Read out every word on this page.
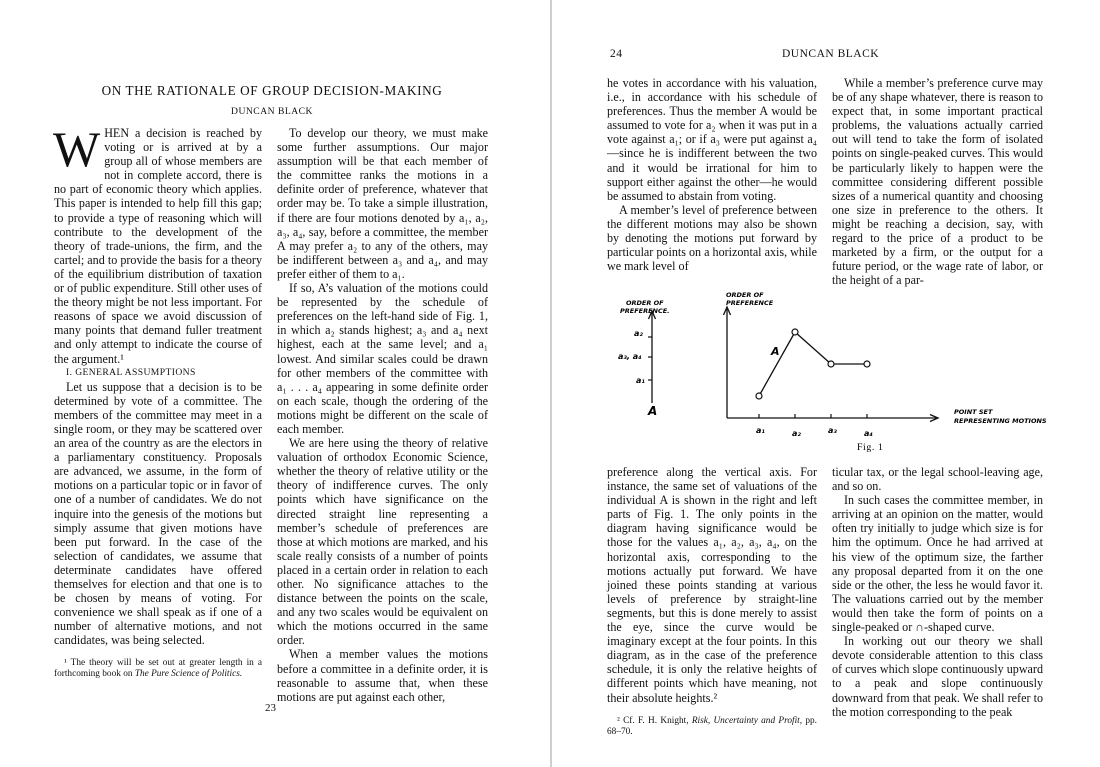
ON THE RATIONALE OF GROUP DECISION-MAKING
DUNCAN BLACK

WHEN a decision is reached by voting or is arrived at by a group all of whose members are not in complete accord, there is no part of economic theory which applies. This paper is intended to help fill this gap; to provide a type of reasoning which will contribute to the development of the theory of trade-unions, the firm, and the cartel; and to provide the basis for a theory of the equilibrium distribution of taxation or of public expenditure. Still other uses of the theory might be not less important. For reasons of space we avoid discussion of many points that demand fuller treatment and only attempt to indicate the course of the argument.¹

I. GENERAL ASSUMPTIONS

Let us suppose that a decision is to be determined by vote of a committee. The members of the committee may meet in a single room, or they may be scattered over an area of the country as are the electors in a parliamentary constituency. Proposals are advanced, we assume, in the form of motions on a particular topic or in favor of one of a number of candidates. We do not inquire into the genesis of the motions but simply assume that given motions have been put forward. In the case of the selection of candidates, we assume that determinate candidates have offered themselves for election and that one is to be chosen by means of voting. For convenience we shall speak as if one of a number of alternative motions, and not candidates, was being selected.

¹ The theory will be set out at greater length in a forthcoming book on The Pure Science of Politics.

To develop our theory, we must make some further assumptions. Our major assumption will be that each member of the committee ranks the motions in a definite order of preference, whatever that order may be. To take a simple illustration, if there are four motions denoted by a₁, a₂, a₃, a₄, say, before a committee, the member A may prefer a₂ to any of the others, may be indifferent between a₃ and a₄, and may prefer either of them to a₁.

If so, A’s valuation of the motions could be represented by the schedule of preferences on the left-hand side of Fig. 1, in which a₂ stands highest; a₃ and a₄ next highest, each at the same level; and a₁ lowest. And similar scales could be drawn for other members of the committee with a₁ . . . a₄ appearing in some definite order on each scale, though the ordering of the motions might be different on the scale of each member.

We are here using the theory of relative valuation of orthodox Economic Science, whether the theory of relative utility or the theory of indifference curves. The only points which have significance on the directed straight line representing a member’s schedule of preferences are those at which motions are marked, and his scale really consists of a number of points placed in a certain order in relation to each other. No significance attaches to the distance between the points on the scale, and any two scales would be equivalent on which the motions occurred in the same order.

When a member values the motions before a committee in a definite order, it is reasonable to assume that, when these motions are put against each other,

23
24	DUNCAN BLACK

he votes in accordance with his valuation, i.e., in accordance with his schedule of preferences. Thus the member A would be assumed to vote for a₂ when it was put in a vote against a₁; or if a₃ were put against a₄—since he is indifferent between the two and it would be irrational for him to support either against the other—he would be assumed to abstain from voting.

A member’s level of preference between the different motions may also be shown by denoting the motions put forward by particular points on a horizontal axis, while we mark level of

While a member’s preference curve may be of any shape whatever, there is reason to expect that, in some important practical problems, the valuations actually carried out will tend to take the form of isolated points on single-peaked curves. This would be particularly likely to happen were the committee considering different possible sizes of a numerical quantity and choosing one size in preference to the others. It might be reaching a decision, say, with regard to the price of a product to be marketed by a firm, or the output for a future period, or the wage rate of labor, or the height of a par-

ORDER OF
PREFERENCE.
a₂
a₃, a₄
a₁
A
ORDER OF
PREFERENCE
POINT SET
REPRESENTING MOTIONS
a₁	a₂	a₃	a₄
A
Fig. 1

preference along the vertical axis. For instance, the same set of valuations of the individual A is shown in the right and left parts of Fig. 1. The only points in the diagram having significance would be those for the values a₁, a₂, a₃, a₄, on the horizontal axis, corresponding to the motions actually put forward. We have joined these points standing at various levels of preference by straight-line segments, but this is done merely to assist the eye, since the curve would be imaginary except at the four points. In this diagram, as in the case of the preference schedule, it is only the relative heights of different points which have meaning, not their absolute heights.²

² Cf. F. H. Knight, Risk, Uncertainty and Profit, pp. 68–70.

ticular tax, or the legal school-leaving age, and so on.

In such cases the committee member, in arriving at an opinion on the matter, would often try initially to judge which size is for him the optimum. Once he had arrived at his view of the optimum size, the farther any proposal departed from it on the one side or the other, the less he would favor it. The valuations carried out by the member would then take the form of points on a single-peaked or ∩-shaped curve.

In working out our theory we shall devote considerable attention to this class of curves which slope continuously upward to a peak and slope continuously downward from that peak. We shall refer to the motion corresponding to the peak
